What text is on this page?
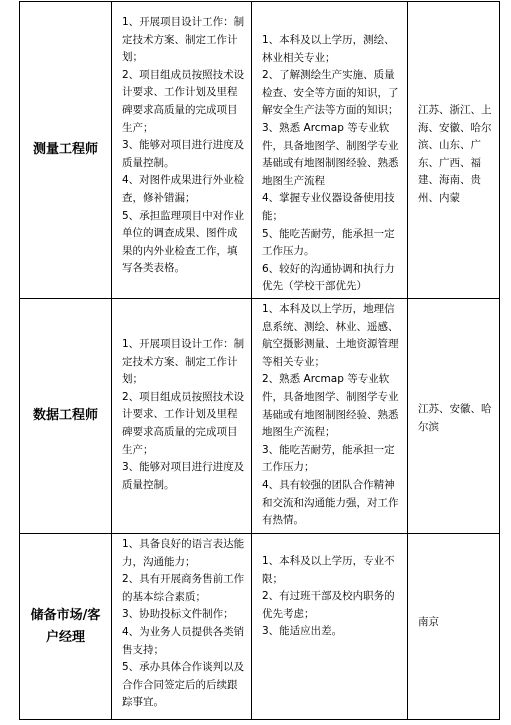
测量工程师
1、开展项目设计工作：制定技术方案、制定工作计划；
2、项目组成员按照技术设计要求、工作计划及里程碑要求高质量的完成项目生产；
3、能够对项目进行进度及质量控制。
4、对图件成果进行外业检查，修补错漏；
5、承担监理项目中对作业单位的调查成果、图件成果的内外业检查工作，填写各类表格。
1、本科及以上学历，测绘、林业相关专业；
2、了解测绘生产实施、质量检查、安全等方面的知识，了解安全生产法等方面的知识；
3、熟悉 Arcmap 等专业软件，具备地图学、制图学专业基础或有地图制图经验、熟悉地图生产流程
4、掌握专业仪器设备使用技能；
5、能吃苦耐劳，能承担一定工作压力。
6、较好的沟通协调和执行力优先（学校干部优先）
江苏、浙江、上海、安徽、哈尔滨、山东、广东、广西、福建、海南、贵州、内蒙
数据工程师
1、开展项目设计工作：制定技术方案、制定工作计划；
2、项目组成员按照技术设计要求、工作计划及里程碑要求高质量的完成项目生产；
3、能够对项目进行进度及质量控制。
1、本科及以上学历，地理信息系统、测绘、林业、遥感、航空摄影测量、土地资源管理等相关专业；
2、熟悉 Arcmap 等专业软件，具备地图学、制图学专业基础或有地图制图经验、熟悉地图生产流程；
3、能吃苦耐劳，能承担一定工作压力；
4、具有较强的团队合作精神和交流和沟通能力强，对工作有热情。
江苏、安徽、哈尔滨
储备市场/客户经理
1、具备良好的语言表达能力，沟通能力；
2、具有开展商务售前工作的基本综合素质；
3、协助投标文件制作；
4、为业务人员提供各类销售支持；
5、承办具体合作谈判以及合作合同签定后的后续跟踪事宜。
1、本科及以上学历，专业不限；
2、有过班干部及校内职务的优先考虑；
3、能适应出差。
南京
